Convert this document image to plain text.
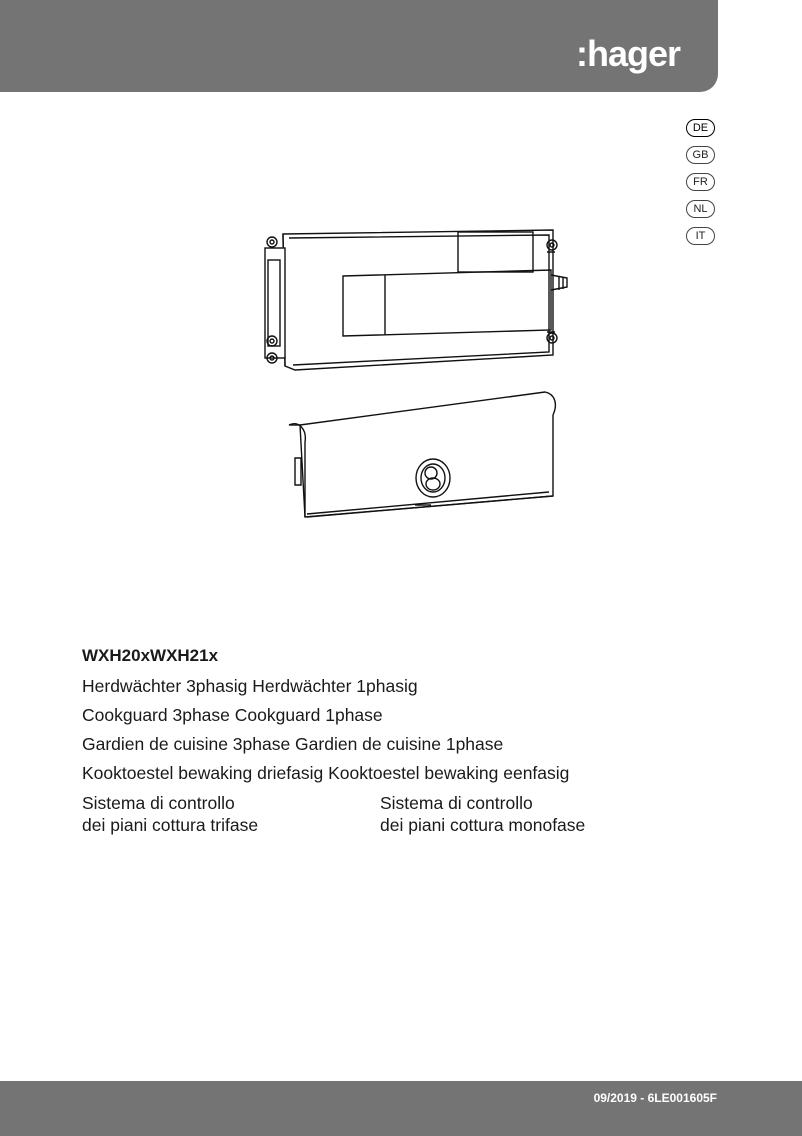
:hager
DE
GB
FR
NL
IT
WXH20xWXH21x
Herdwächter 3phasig Herdwächter 1phasig
Cookguard 3phase Cookguard 1phase
Gardien de cuisine 3phase Gardien de cuisine 1phase
Kooktoestel bewaking driefasig Kooktoestel bewaking eenfasig
Sistema di controllo
dei piani cottura trifase
Sistema di controllo
dei piani cottura monofase
09/2019 - 6LE001605F
